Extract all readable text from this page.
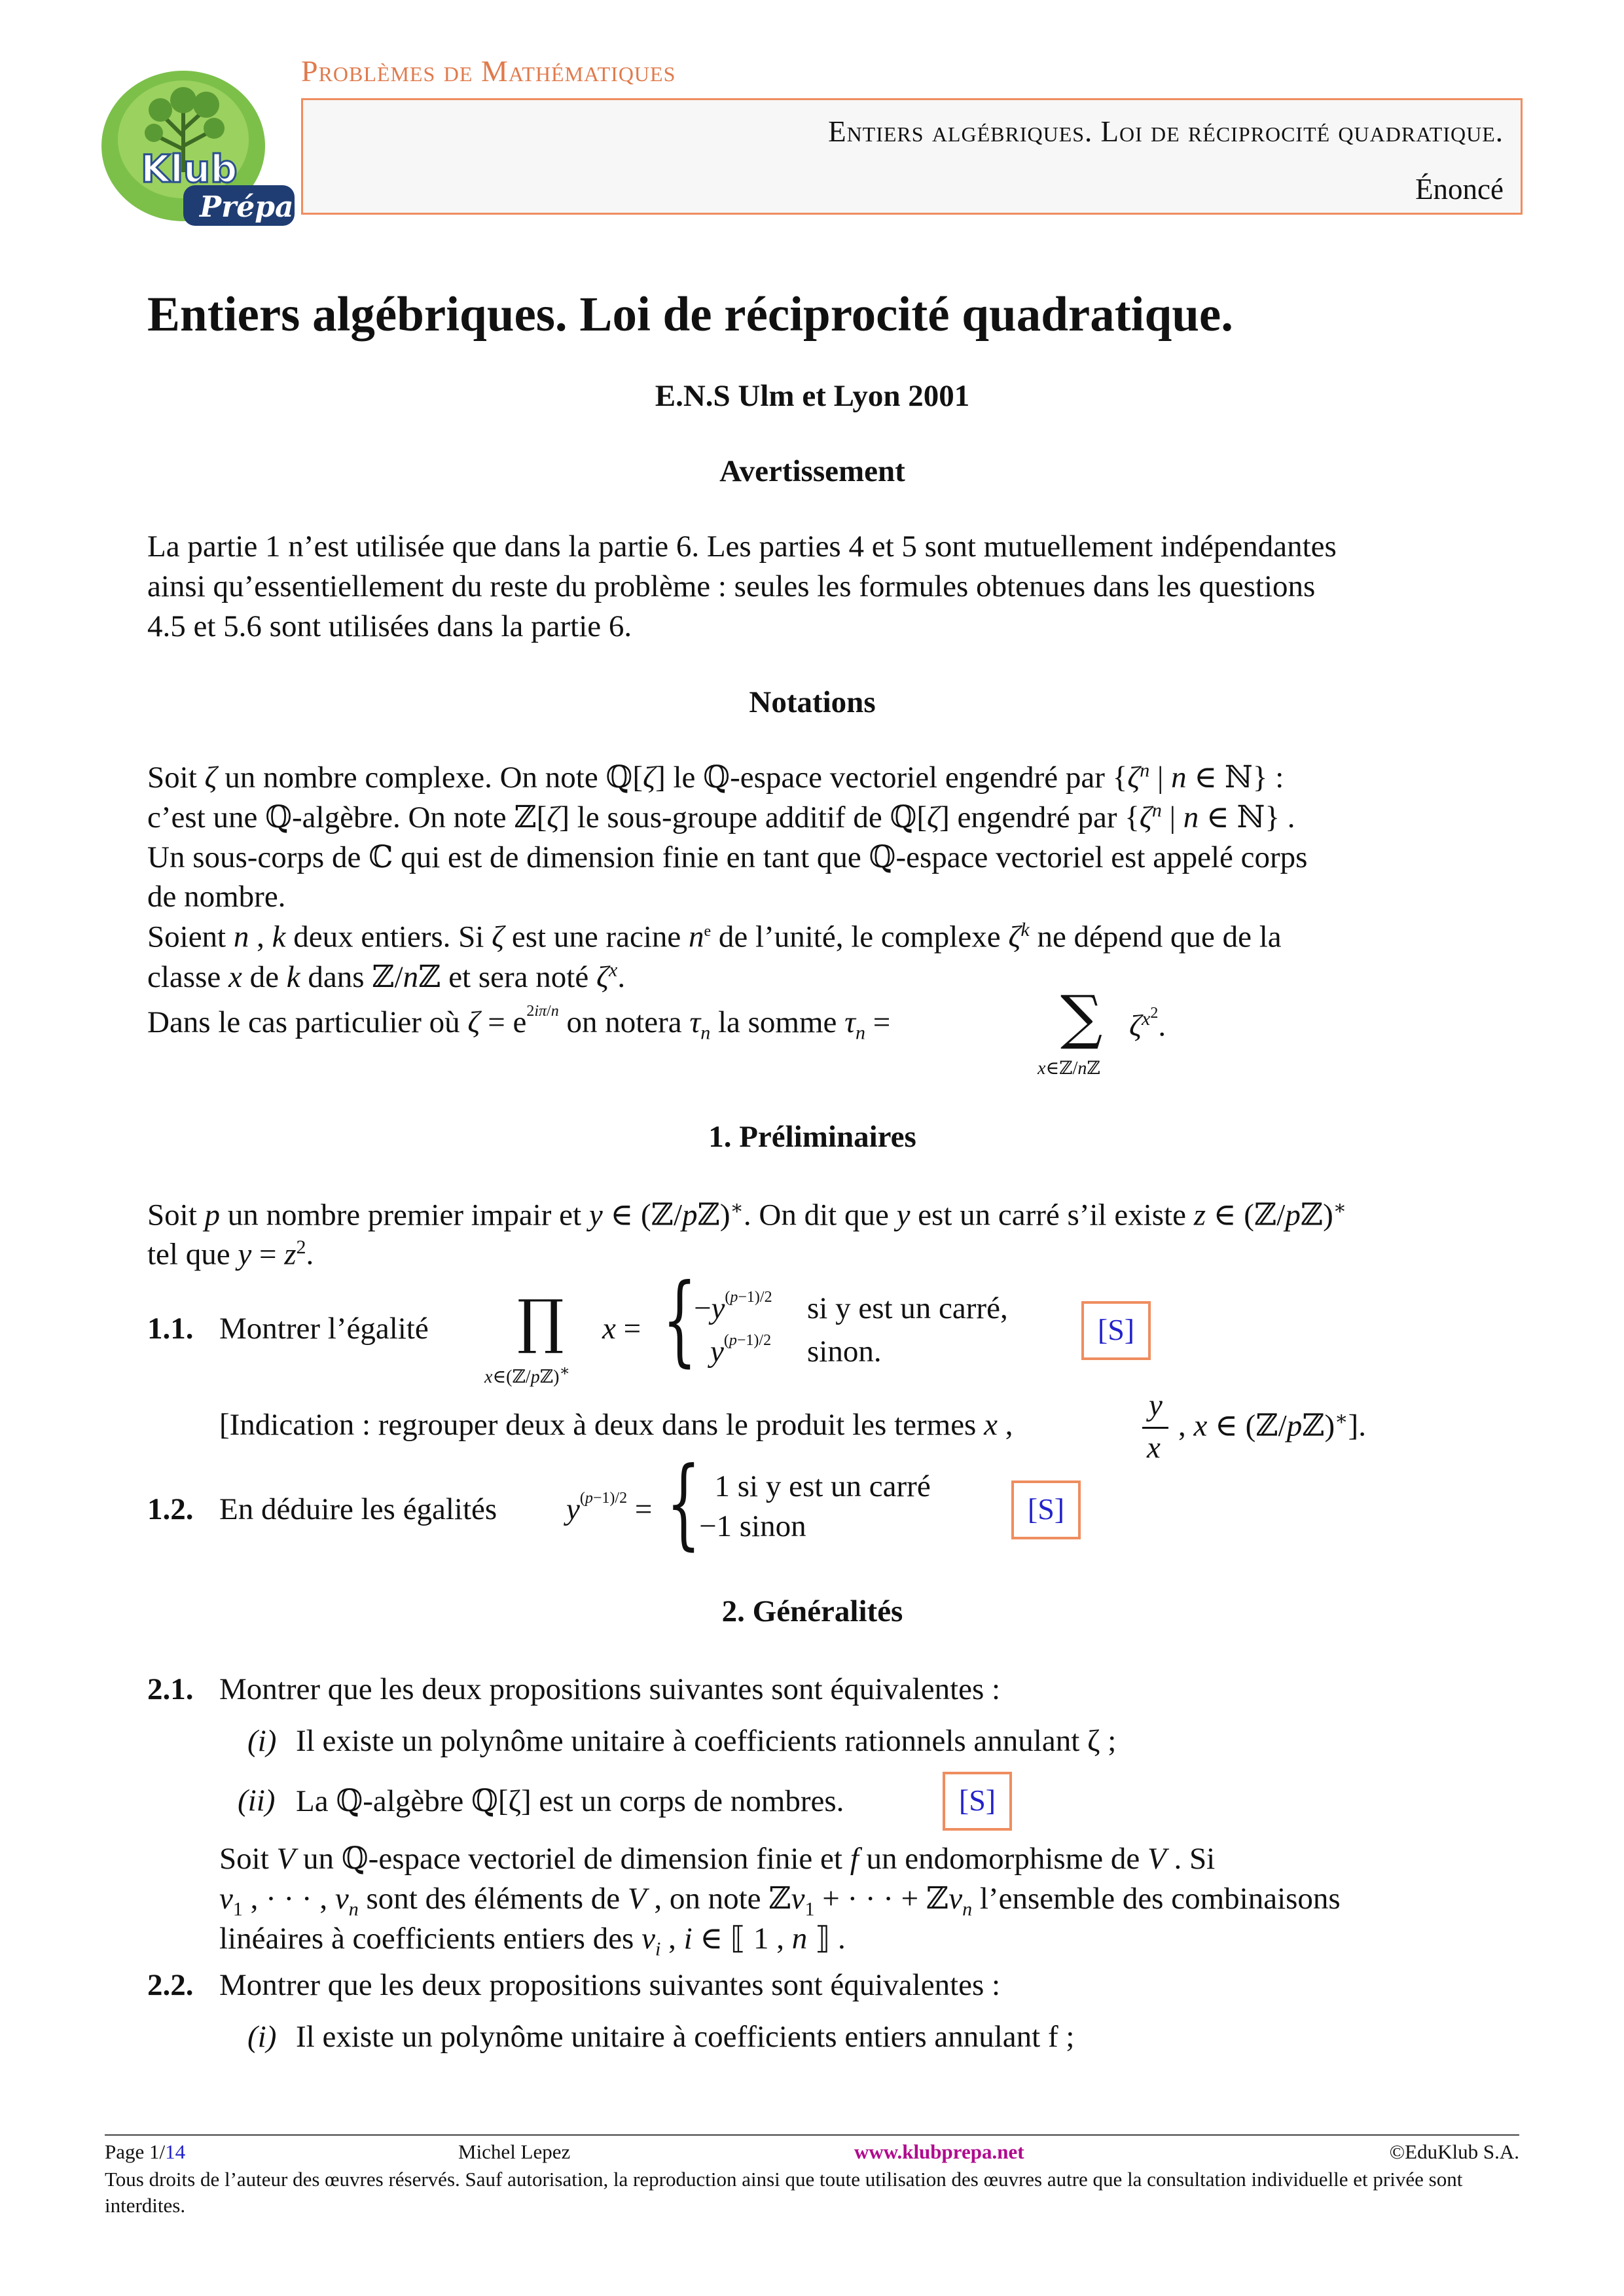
Klub
Prépa
Problèmes de Mathématiques
Entiers algébriques. Loi de réciprocité quadratique.
Énoncé
Entiers algébriques. Loi de réciprocité quadratique.
E.N.S Ulm et Lyon 2001
Avertissement
La partie 1 n’est utilisée que dans la partie 6. Les parties 4 et 5 sont mutuellement indépendantes
ainsi qu’essentiellement du reste du problème : seules les formules obtenues dans les questions
4.5 et 5.6 sont utilisées dans la partie 6.
Notations
Soit ζ un nombre complexe. On note ℚ[ζ] le ℚ-espace vectoriel engendré par {$\zeta^n$ | n ∈ ℕ} :
c’est une ℚ-algèbre. On note ℤ[ζ] le sous-groupe additif de ℚ[ζ] engendré par {$\zeta^n$ | n ∈ ℕ} .
Un sous-corps de ℂ qui est de dimension finie en tant que ℚ-espace vectoriel est appelé corps
de nombre.
Soient n , k deux entiers. Si ζ est une racine $n^e$ de l’unité, le complexe $\zeta^k$ ne dépend que de la
classe x de k dans ℤ/nℤ et sera noté $\zeta^x$.
Dans le cas particulier où $\zeta = e^{2i\pi/n}$ on notera $\tau_n$ la somme $\tau_n$ =	∑
x∈ℤ/nℤ
$\zeta^{x^2}$.
1. Préliminaires
Soit p un nombre premier impair et y ∈ (ℤ/pℤ)∗. On dit que y est un carré s’il existe z ∈ (ℤ/pℤ)∗
tel que $y = z^2$.
1.1. Montrer l’égalité ∏
x∈(ℤ/pℤ)∗
x = {
$-y^{(p-1)/2}$
$y^{(p-1)/2}$
si y est un carré,
sinon.
[S]
[Indication : regrouper deux à deux dans le produit les termes x ,
y
x
, x ∈ (ℤ/pℤ)∗].
1.2. En déduire les égalités $y^{(p-1)/2}$ = { 1 si y est un carré
−1 sinon
[S]
2. Généralités
2.1. Montrer que les deux propositions suivantes sont équivalentes :
(i) Il existe un polynôme unitaire à coefficients rationnels annulant ζ ;
(ii) La ℚ-algèbre ℚ[ζ] est un corps de nombres.	[S]
Soit V un ℚ-espace vectoriel de dimension finie et f un endomorphisme de V . Si
$v_1$ , · · · , $v_n$ sont des éléments de V , on note ℤv$_1$ + · · · + ℤv$_n$ l’ensemble des combinaisons
linéaires à coefficients entiers des $v_i$ , i ∈ ⟦ 1 , n ⟧ .
2.2. Montrer que les deux propositions suivantes sont équivalentes :
(i) Il existe un polynôme unitaire à coefficients entiers annulant f ;
Page 1/14	Michel Lepez	www.klubprepa.net	©EduKlub S.A.
Tous droits de l’auteur des œuvres réservés. Sauf autorisation, la reproduction ainsi que toute utilisation des œuvres autre que la consultation individuelle et privée sont interdites.
